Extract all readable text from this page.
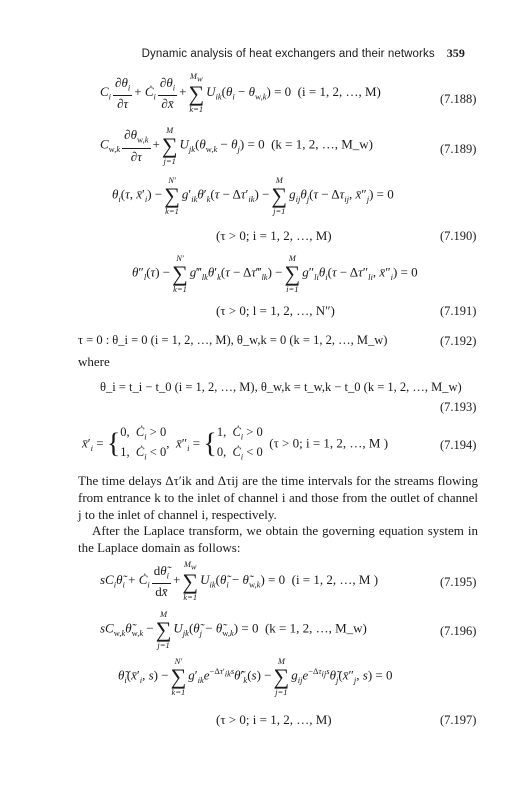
Dynamic analysis of heat exchangers and their networks 359
$C_i \frac{\partial\theta_i}{\partial\tau}$ + $Ċ_i \frac{\partial\theta_i}{\partial x̄}$ +
$M_w$
∑
k=1
$U_{ik}(\theta_i - \theta_{w,k}) = 0$  (i = 1, 2, …, M)
(7.188)
$C_{w,k} \frac{\partial\theta_{w,k}}{\partial\tau}$ +
M
∑
j=1
$U_{jk}(\theta_{w,k} - \theta_j) = 0$  (k = 1, 2, …, M_w)	(7.189)
$\theta_i(\tau$, $x̄'_i$) −
N′
∑
k=1
$g'_{ik}\theta'_k(\tau - \Delta\tau'_{ik})$ −
M
∑
j=1
$g_{ij}\theta_j(\tau - \Delta\tau_{ij}$, $x̄''_j) = 0$
(τ > 0; i = 1, 2, …, M)	(7.190)
$\theta''_l(\tau)$ −
N′
∑
k=1
$g‴_{lk}\theta'_k(\tau$ − $\Delta\tau‴_{lk}$) −
M
∑
i=1
$g''_{li}\theta_i(\tau - \Delta\tau''_{li}$, $x̄''_i) = 0$
(τ > 0; l = 1, 2, …, N″)	(7.191)
τ = 0 : θ_i = 0 (i = 1, 2, …, M), θ_w,k = 0 (k = 1, 2, …, M_w)	(7.192)
where
θ_i = t_i − t_0 (i = 1, 2, …, M), θ_w,k = t_w,k − t_0 (k = 1, 2, …, M_w)
(7.193)
$x̄'_i = \{0$,  $Ċ_i > 0$
1,  $Ċ_i < 0$,  $x̄''_i = \{1$,  $Ċ_i > 0$
0,  $Ċ_i < 0$  (τ > 0; i = 1, 2, …, M )	(7.194)
The time delays Δτ′ik and Δτij are the time intervals for the streams flowing from entrance k to the inlet of channel i and those from the outlet of channel j to the inlet of channel i, respectively.
After the Laplace transform, we obtain the governing equation system in the Laplace domain as follows:
$sC_i\thetã_i$ + $Ċ_i \frac{d\thetã_i}{dx̄}$ +
$M_w$
∑
k=1
$U_{ik}(\thetã_i$ − $\thetã_{w,k}) = 0$  (i = 1, 2, …, M )	(7.195)
$sC_{w,k}\thetã_{w,k}$ −
M
∑
j=1
$U_{jk}(\thetã_j$ − $\thetã_{w,k}) = 0$  (k = 1, 2, …, M_w)	(7.196)
$\thetã_i(x̄'_i$, s) −
N′
∑
k=1
$g'_{ik}e^{-\Delta\tau'_{ik}s}\thetã'_k(s)$ −
M
∑
j=1
$g_{ij}e^{-\Delta\tau_{ij}s}\thetã_j(x̄''_j$, s) = 0
(τ > 0; i = 1, 2, …, M)	(7.197)
